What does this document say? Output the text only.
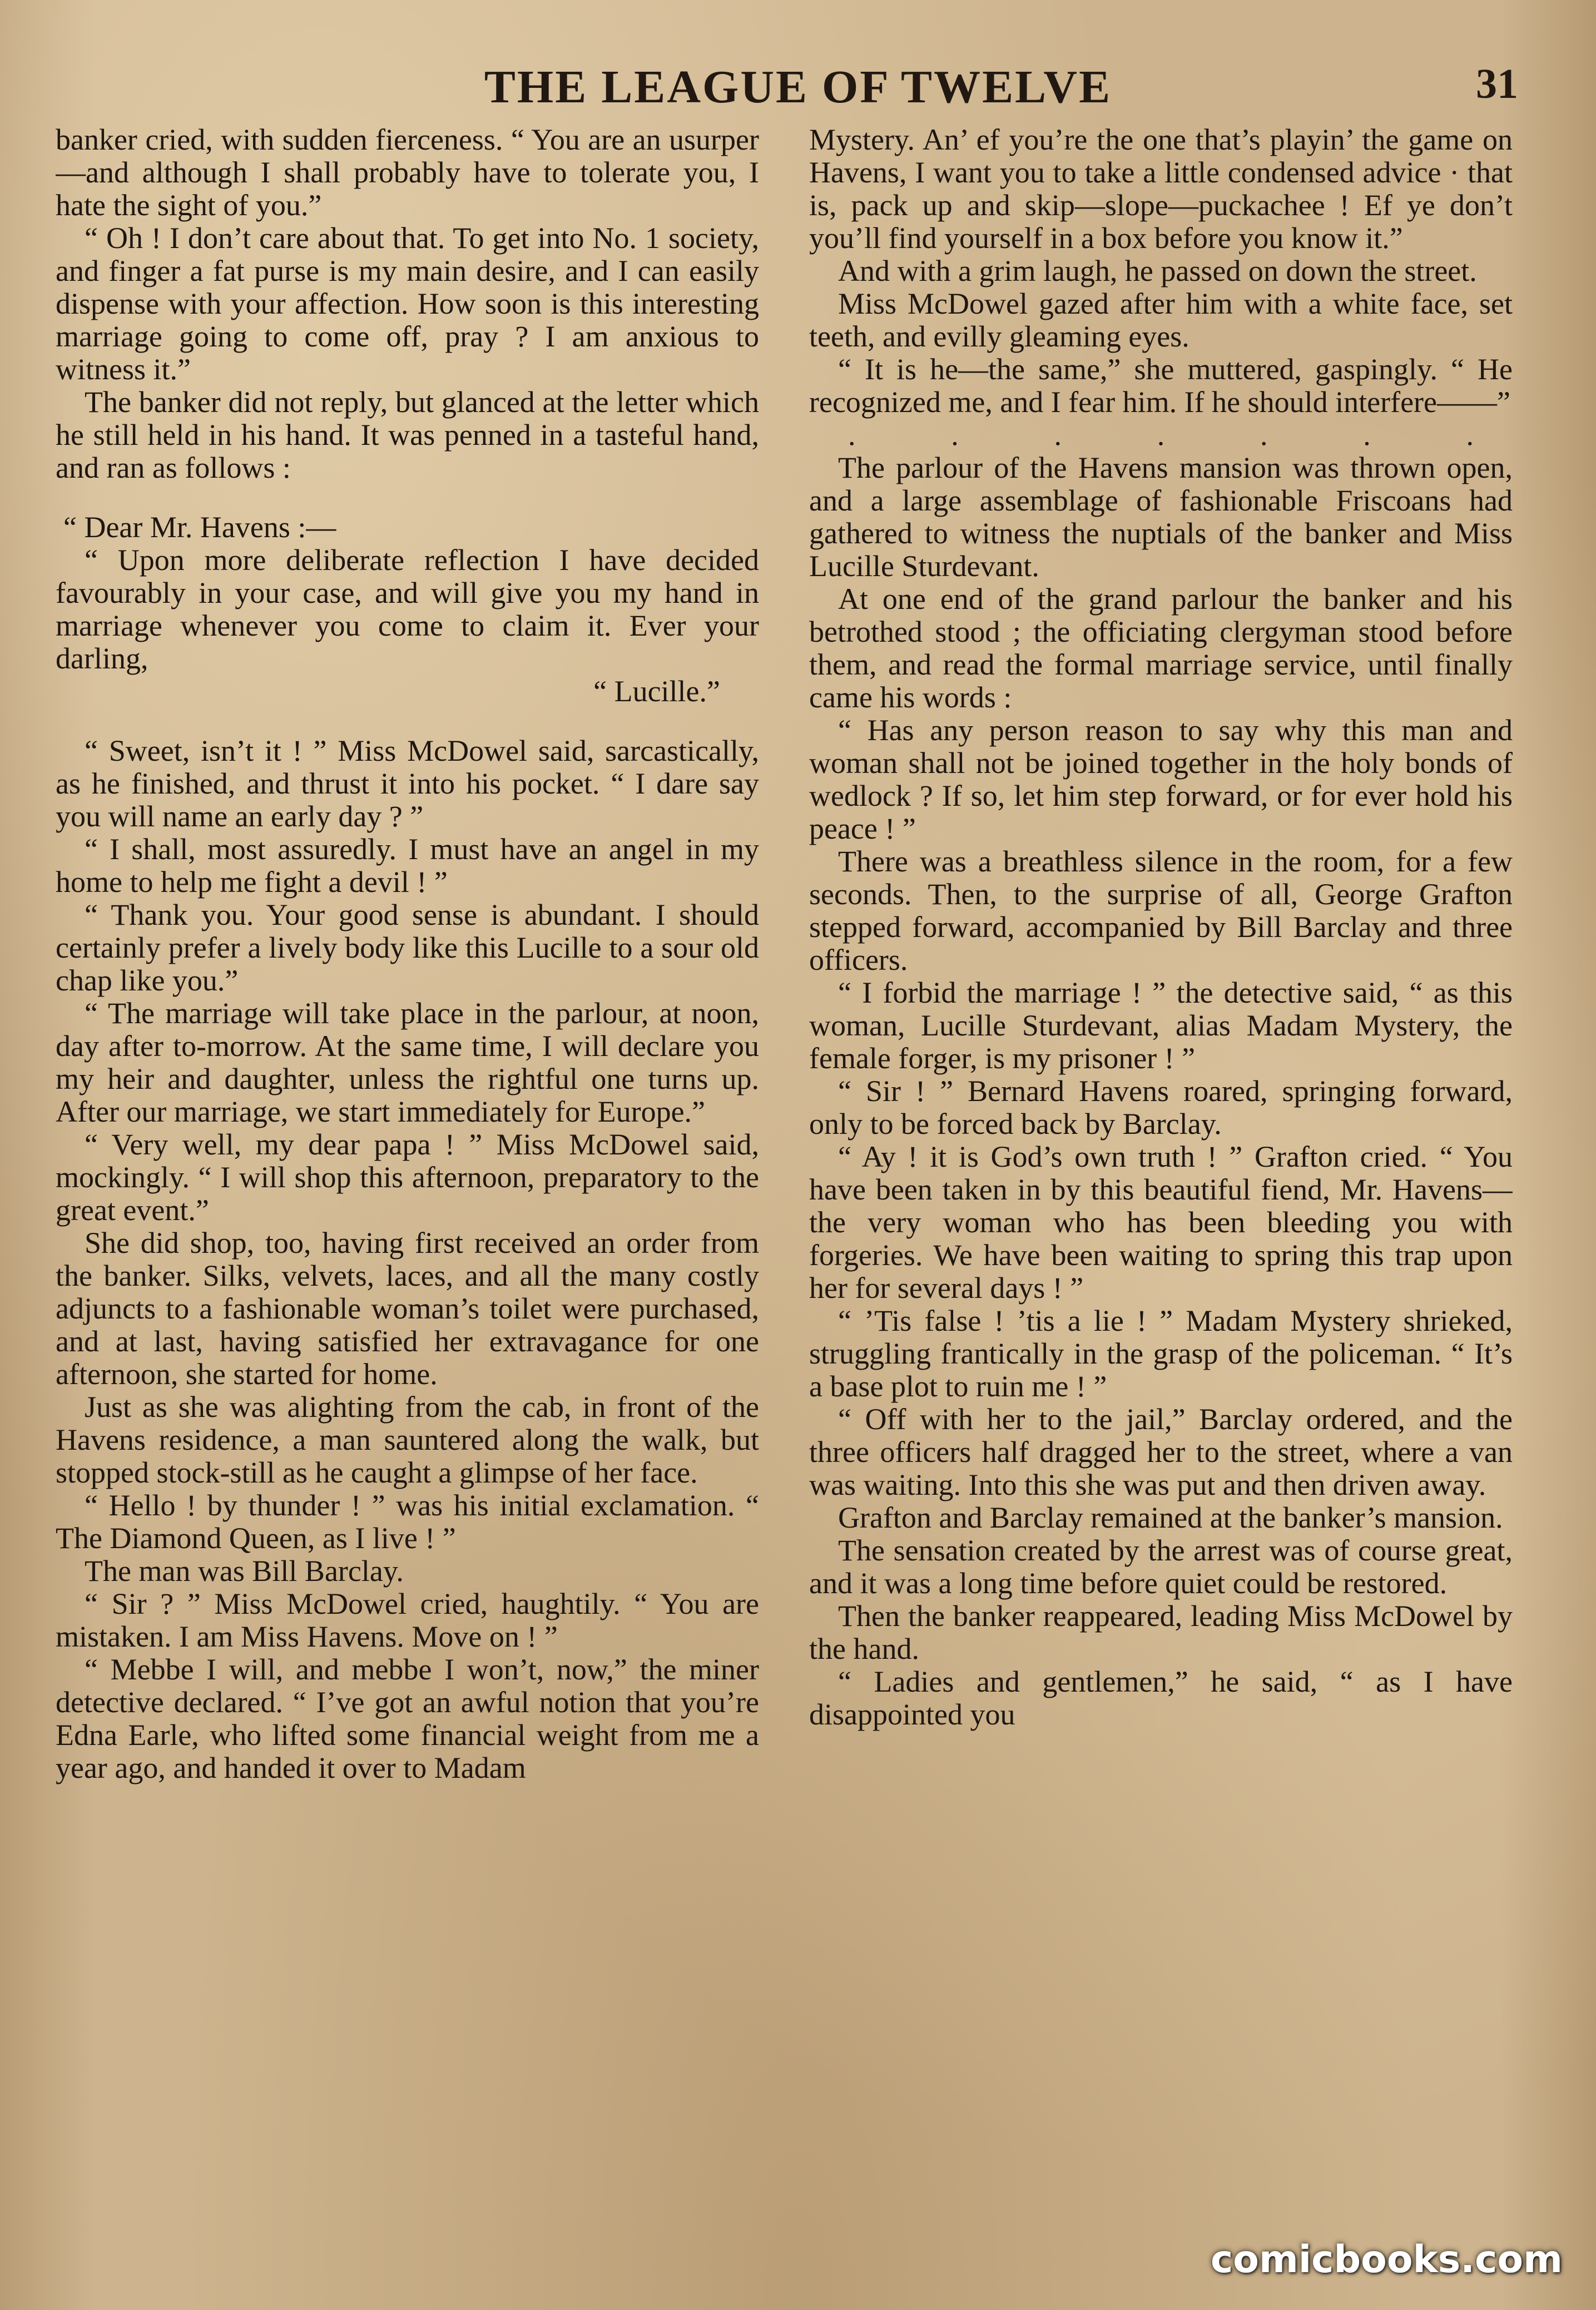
THE LEAGUE OF TWELVE	31

banker cried, with sudden fierceness. “ You are an usurper—and although I shall probably have to tolerate you, I hate the sight of you.”

“ Oh ! I don’t care about that. To get into No. 1 society, and finger a fat purse is my main desire, and I can easily dispense with your affection. How soon is this interesting marriage going to come off, pray ? I am anxious to witness it.”

The banker did not reply, but glanced at the letter which he still held in his hand. It was penned in a tasteful hand, and ran as follows :

“ Dear Mr. Havens :—

“ Upon more deliberate reflection I have decided favourably in your case, and will give you my hand in marriage whenever you come to claim it. Ever your darling,

“ Lucille.”

“ Sweet, isn’t it ! ” Miss McDowel said, sarcastically, as he finished, and thrust it into his pocket. “ I dare say you will name an early day ? ”

“ I shall, most assuredly. I must have an angel in my home to help me fight a devil ! ”

“ Thank you. Your good sense is abundant. I should certainly prefer a lively body like this Lucille to a sour old chap like you.”

“ The marriage will take place in the parlour, at noon, day after to-morrow. At the same time, I will declare you my heir and daughter, unless the rightful one turns up. After our marriage, we start immediately for Europe.”

“ Very well, my dear papa ! ” Miss McDowel said, mockingly. “ I will shop this afternoon, preparatory to the great event.”

She did shop, too, having first received an order from the banker. Silks, velvets, laces, and all the many costly adjuncts to a fashionable woman’s toilet were purchased, and at last, having satisfied her extravagance for one afternoon, she started for home.

Just as she was alighting from the cab, in front of the Havens residence, a man sauntered along the walk, but stopped stock-still as he caught a glimpse of her face.

“ Hello ! by thunder ! ” was his initial exclamation. “ The Diamond Queen, as I live ! ”

The man was Bill Barclay.

“ Sir ? ” Miss McDowel cried, haughtily. “ You are mistaken. I am Miss Havens. Move on ! ”

“ Mebbe I will, and mebbe I won’t, now,” the miner detective declared. “ I’ve got an awful notion that you’re Edna Earle, who lifted some financial weight from me a year ago, and handed it over to Madam

Mystery. An’ ef you’re the one that’s playin’ the game on Havens, I want you to take a little condensed advice · that is, pack up and skip—slope—puckachee ! Ef ye don’t you’ll find yourself in a box before you know it.”

And with a grim laugh, he passed on down the street.

Miss McDowel gazed after him with a white face, set teeth, and evilly gleaming eyes.

“ It is he—the same,” she muttered, gaspingly. “ He recognized me, and I fear him. If he should interfere——”

. . . . . . .

The parlour of the Havens mansion was thrown open, and a large assemblage of fashionable Friscoans had gathered to witness the nuptials of the banker and Miss Lucille Sturdevant.

At one end of the grand parlour the banker and his betrothed stood ; the officiating clergyman stood before them, and read the formal marriage service, until finally came his words :

“ Has any person reason to say why this man and woman shall not be joined together in the holy bonds of wedlock ? If so, let him step forward, or for ever hold his peace ! ”

There was a breathless silence in the room, for a few seconds. Then, to the surprise of all, George Grafton stepped forward, accompanied by Bill Barclay and three officers.

“ I forbid the marriage ! ” the detective said, “ as this woman, Lucille Sturdevant, alias Madam Mystery, the female forger, is my prisoner ! ”

“ Sir ! ” Bernard Havens roared, springing forward, only to be forced back by Barclay.

“ Ay ! it is God’s own truth ! ” Grafton cried. “ You have been taken in by this beautiful fiend, Mr. Havens—the very woman who has been bleeding you with forgeries. We have been waiting to spring this trap upon her for several days ! ”

“ ’Tis false ! ’tis a lie ! ” Madam Mystery shrieked, struggling frantically in the grasp of the policeman. “ It’s a base plot to ruin me ! ”

“ Off with her to the jail,” Barclay ordered, and the three officers half dragged her to the street, where a van was waiting. Into this she was put and then driven away.

Grafton and Barclay remained at the banker’s mansion.

The sensation created by the arrest was of course great, and it was a long time before quiet could be restored.

Then the banker reappeared, leading Miss McDowel by the hand.

“ Ladies and gentlemen,” he said, “ as I have disappointed you

comicbooks.com
